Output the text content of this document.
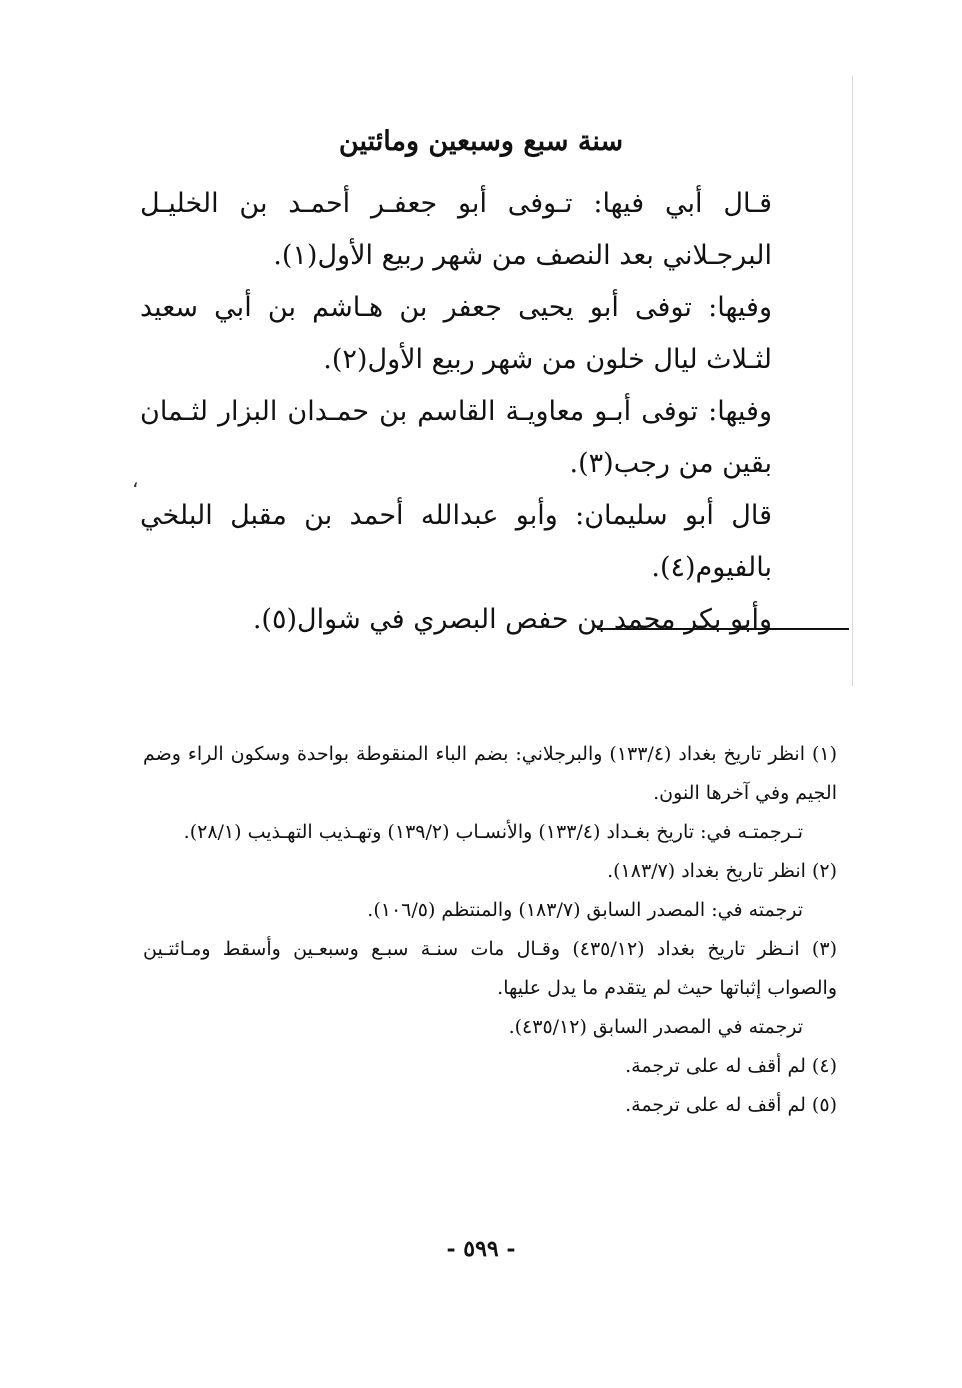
سنة سبع وسبعين ومائتين

قـال أبي فيها: تـوفى أبو جعفـر أحمـد بن الخليـل البرجـلاني بعد النصف من شهر ربيع الأول(١).

وفيها: توفى أبو يحيى جعفر بن هـاشم بن أبي سعيد لثـلاث ليال خلون من شهر ربيع الأول(٢).

وفيها: توفى أبـو معاويـة القاسم بن حمـدان البزار لثـمان بقين من رجب(٣).

قال أبو سليمان: وأبو عبدالله أحمد بن مقبل البلخي بالفيوم(٤).

وأبو بكر محمد بن حفص البصري في شوال(٥).

،

(١) انظر تاريخ بغداد (١٣٣/٤) والبرجلاني: بضم الباء المنقوطة بواحدة وسكون الراء وضم الجيم وفي آخرها النون.

تـرجمتـه في: تاريخ بغـداد (١٣٣/٤) والأنسـاب (١٣٩/٢) وتهـذيب التهـذيب (٢٨/١).

(٢) انظر تاريخ بغداد (١٨٣/٧).

ترجمته في: المصدر السابق (١٨٣/٧) والمنتظم (١٠٦/٥).

(٣) انـظر تاريخ بغداد (٤٣٥/١٢) وقـال مات سنـة سبـع وسبعـين وأسقط ومـائتـين والصواب إثباتها حيث لم يتقدم ما يدل عليها.

ترجمته في المصدر السابق (٤٣٥/١٢).

(٤) لم أقف له على ترجمة.

(٥) لم أقف له على ترجمة.

- ٥٩٩ -
